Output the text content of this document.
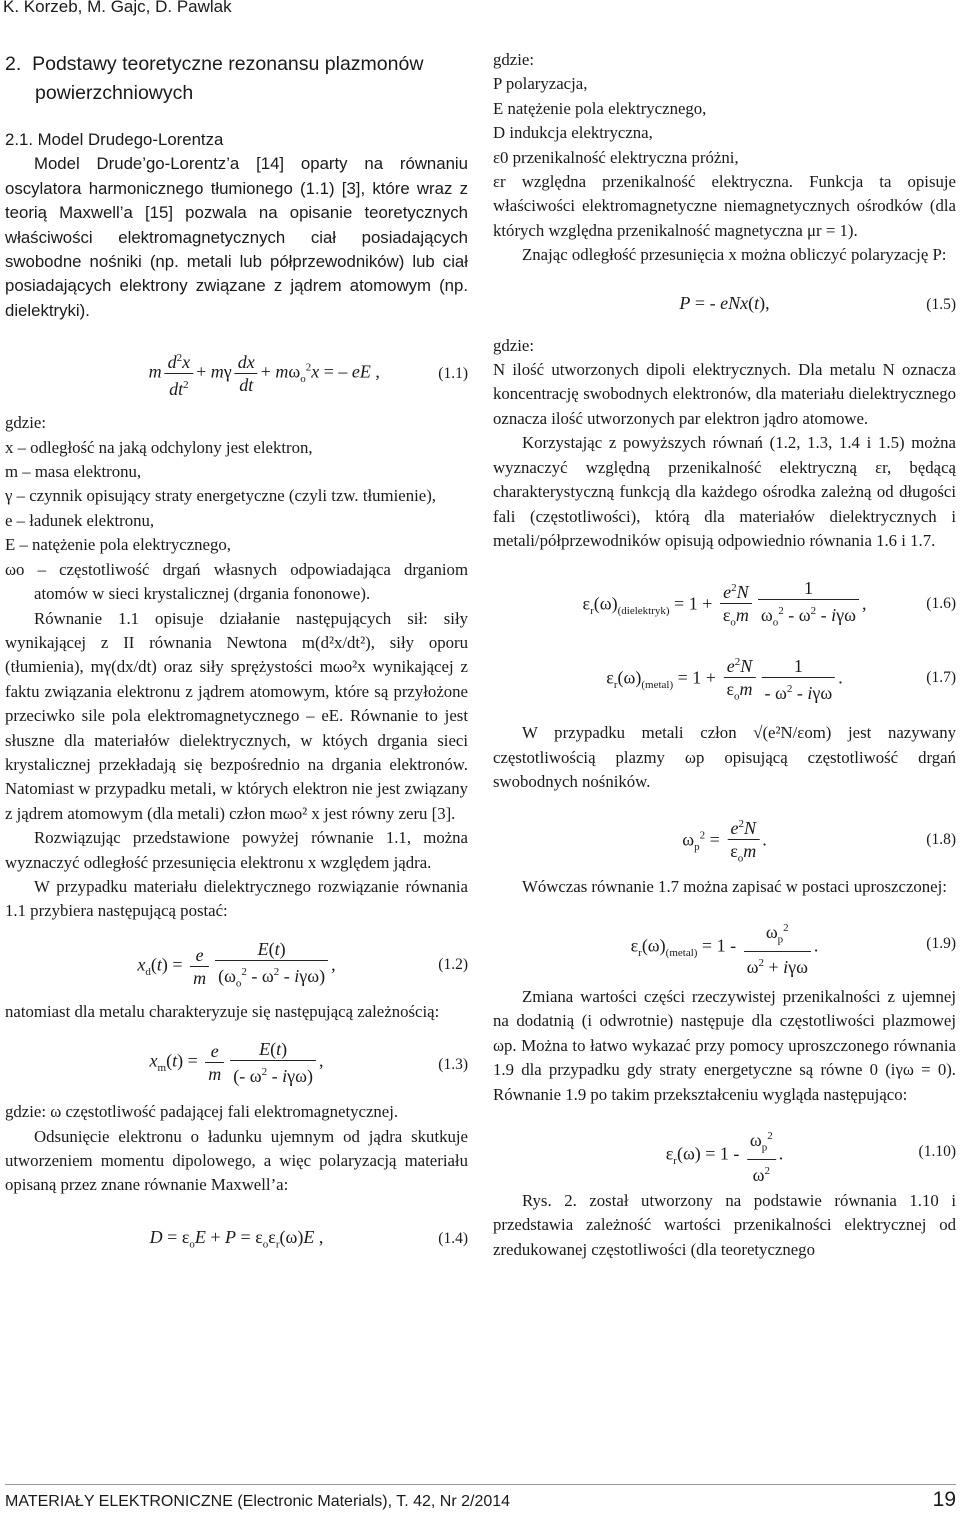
K. Korzeb, M. Gajc, D. Pawlak
2. Podstawy teoretyczne rezonansu plazmonów powierzchniowych

2.1. Model Drudego-Lorentza

Model Drude’go-Lorentz’a [14] oparty na równaniu oscylatora harmonicznego tłumionego (1.1) [3], które wraz z teorią Maxwell’a [15] pozwala na opisanie teoretycznych właściwości elektromagnetycznych ciał posiadających swobodne nośniki (np. metali lub półprzewodników) lub ciał posiadających elektrony związane z jądrem atomowym (np. dielektryki).

m $\frac{d^2x}{dt^2} + m\gamma \frac{dx}{dt} + m\omega_o^2x$ = – eE ,	(1.1)

gdzie:

x – odległość na jaką odchylony jest elektron,

m – masa elektronu,

γ – czynnik opisujący straty energetyczne (czyli tzw. tłumienie),

e – ładunek elektronu,

E – natężenie pola elektrycznego,

ωo – częstotliwość drgań własnych odpowiadająca drganiom atomów w sieci krystalicznej (drgania fononowe).

Równanie 1.1 opisuje działanie następujących sił: siły wynikającej z II równania Newtona m(d²x/dt²), siły oporu (tłumienia), mγ(dx/dt) oraz siły sprężystości mωo²x wynikającej z faktu związania elektronu z jądrem atomowym, które są przyłożone przeciwko sile pola elektromagnetycznego – eE. Równanie to jest słuszne dla materiałów dielektrycznych, w któych drgania sieci krystalicznej przekładają się bezpośrednio na drgania elektronów. Natomiast w przypadku metali, w których elektron nie jest związany z jądrem atomowym (dla metali) człon mωo² x jest równy zeru [3].

Rozwiązując przedstawione powyżej równanie 1.1, można wyznaczyć odległość przesunięcia elektronu x względem jądra.

W przypadku materiału dielektrycznego rozwiązanie równania 1.1 przybiera następującą postać:

$x_d(t) = \frac{e}{m} \frac{E(t)}{(\omega_o^2 - \omega^2 - i\gamma\omega)}$ ,	(1.2)

natomiast dla metalu charakteryzuje się następującą zależnością:

$x_m(t) = \frac{e}{m} \frac{E(t)}{(- \omega^2 - i\gamma\omega)}$ ,	(1.3)

gdzie: ω częstotliwość padającej fali elektromagnetycznej.

Odsunięcie elektronu o ładunku ujemnym od jądra skutkuje utworzeniem momentu dipolowego, a więc polaryzacją materiału opisaną przez znane równanie Maxwell’a:

$D = \varepsilon_oE + P = \varepsilon_o\varepsilon_r(\omega)E$ ,	(1.4)

gdzie:

P polaryzacja,

E natężenie pola elektrycznego,

D indukcja elektryczna,

ε0 przenikalność elektryczna próżni,

εr względna przenikalność elektryczna. Funkcja ta opisuje właściwości elektromagnetyczne niemagnetycznych ośrodków (dla których względna przenikalność magnetyczna μr = 1).

Znając odległość przesunięcia x można obliczyć polaryzację P:

P = - eNx(t),	(1.5)

gdzie:

N ilość utworzonych dipoli elektrycznych. Dla metalu N oznacza koncentrację swobodnych elektronów, dla materiału dielektrycznego oznacza ilość utworzonych par elektron jądro atomowe.

Korzystając z powyższych równań (1.2, 1.3, 1.4 i 1.5) można wyznaczyć względną przenikalność elektryczną εr, będącą charakterystyczną funkcją dla każdego ośrodka zależną od długości fali (częstotliwości), którą dla materiałów dielektrycznych i metali/półprzewodników opisują odpowiednio równania 1.6 i 1.7.

$\varepsilon_r(\omega)_{(dielektryk)} = 1 + \frac{e^2N}{\varepsilon_om} \frac{1}{\omega_o^2 - \omega^2 - i\gamma\omega}$ ,	(1.6)
$\varepsilon_r(\omega)_{(metal)} = 1 + \frac{e^2N}{\varepsilon_om} \frac{1}{- \omega^2 - i\gamma\omega}$ .	(1.7)

W przypadku metali człon √(e²N/εom) jest nazywany częstotliwością plazmy ωp opisującą częstotliwość drgań swobodnych nośników.

$\omega_p^2 = \frac{e^2N}{\varepsilon_om}$ .	(1.8)

Wówczas równanie 1.7 można zapisać w postaci uproszczonej:

$\varepsilon_r(\omega)_{(metal)} = 1 - \frac{\omega_p^2}{\omega^2 + i\gamma\omega}$ .	(1.9)

Zmiana wartości części rzeczywistej przenikalności z ujemnej na dodatnią (i odwrotnie) następuje dla częstotliwości plazmowej ωp. Można to łatwo wykazać przy pomocy uproszczonego równania 1.9 dla przypadku gdy straty energetyczne są równe 0 (iγω = 0). Równanie 1.9 po takim przekształceniu wygląda następująco:

$\varepsilon_r(\omega) = 1 - \frac{\omega_p^2}{\omega^2}$ .	(1.10)

Rys. 2. został utworzony na podstawie równania 1.10 i przedstawia zależność wartości przenikalności elektrycznej od zredukowanej częstotliwości (dla teoretycznego

MATERIAŁY ELEKTRONICZNE (Electronic Materials), T. 42, Nr 2/2014	19
